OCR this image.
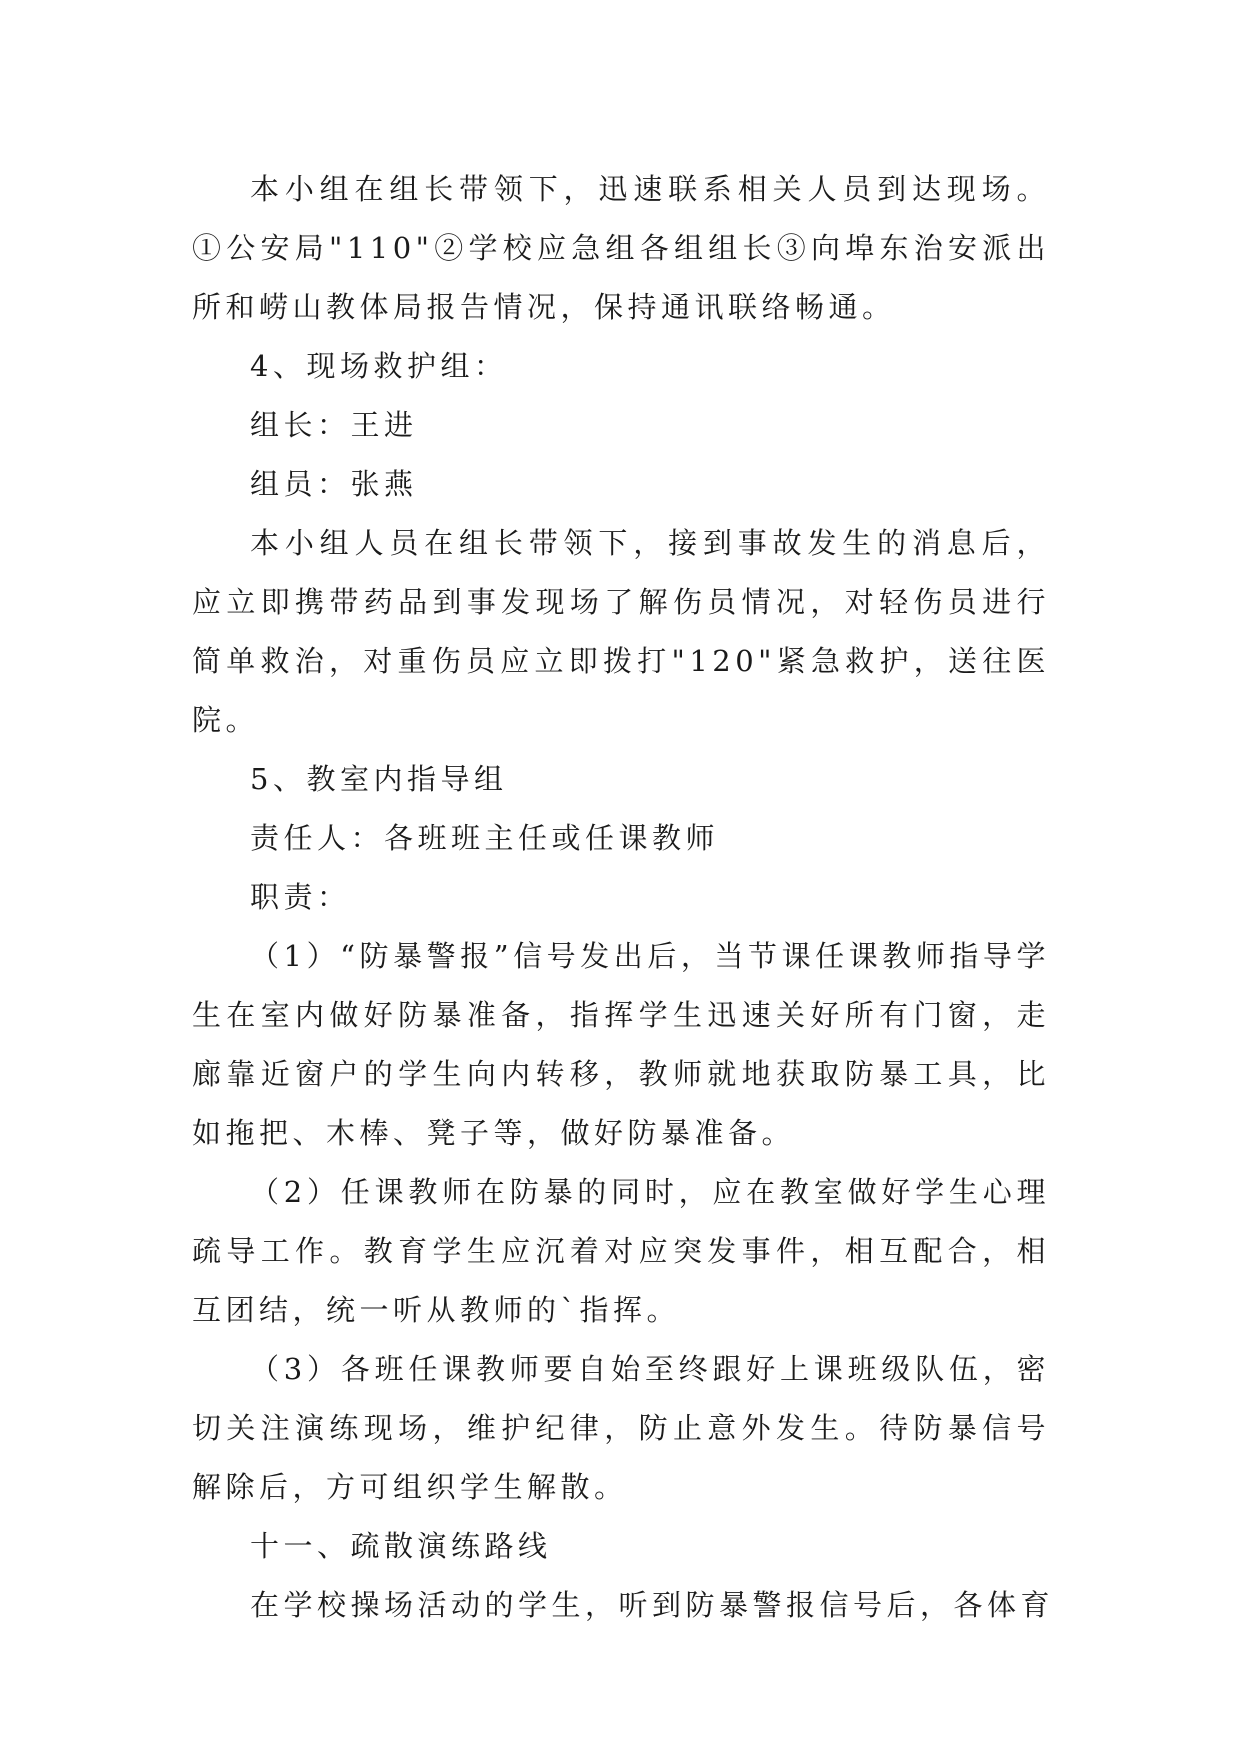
本小组在组长带领下，迅速联系相关人员到达现场。①公安局"110"②学校应急组各组组长③向埠东治安派出所和崂山教体局报告情况，保持通讯联络畅通。

4、现场救护组：

组长：王进

组员：张燕

本小组人员在组长带领下，接到事故发生的消息后，应立即携带药品到事发现场了解伤员情况，对轻伤员进行简单救治，对重伤员应立即拨打"120"紧急救护，送往医院。

5、教室内指导组

责任人：各班班主任或任课教师

职责：

（1）“防暴警报”信号发出后，当节课任课教师指导学生在室内做好防暴准备，指挥学生迅速关好所有门窗，走廊靠近窗户的学生向内转移，教师就地获取防暴工具，比如拖把、木棒、凳子等，做好防暴准备。

（2）任课教师在防暴的同时，应在教室做好学生心理疏导工作。教育学生应沉着对应突发事件，相互配合，相互团结，统一听从教师的`指挥。

（3）各班任课教师要自始至终跟好上课班级队伍，密切关注演练现场，维护纪律，防止意外发生。待防暴信号解除后，方可组织学生解散。

十一、疏散演练路线

在学校操场活动的学生，听到防暴警报信号后，各体育
